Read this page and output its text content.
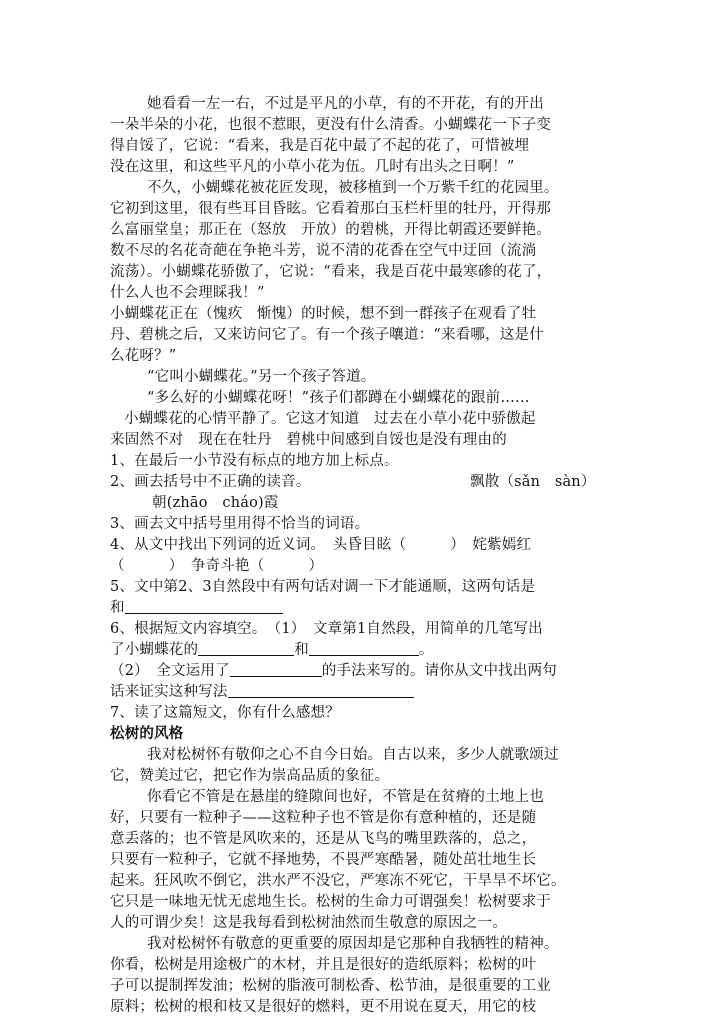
她看看一左一右，不过是平凡的小草，有的不开花，有的开出
一朵半朵的小花，也很不惹眼，更没有什么清香。小蝴蝶花一下子变
得自馁了，它说：“看来，我是百花中最了不起的花了，可惜被埋
没在这里，和这些平凡的小草小花为伍。几时有出头之日啊！”
不久，小蝴蝶花被花匠发现，被移植到一个万紫千红的花园里。
它初到这里，很有些耳目昏眩。它看着那白玉栏杆里的牡丹，开得那
么富丽堂皇；那正在（怒放　开放）的碧桃，开得比朝霞还要鲜艳。
数不尽的名花奇葩在争艳斗芳，说不清的花香在空气中迂回（流淌
流荡）。小蝴蝶花骄傲了，它说：“看来，我是百花中最寒碜的花了，
什么人也不会理睬我！”
小蝴蝶花正在（愧疚　惭愧）的时候，想不到一群孩子在观看了牡
丹、碧桃之后，又来访问它了。有一个孩子嚷道：“来看哪，这是什
么花呀？”
“它叫小蝴蝶花。”另一个孩子答道。
“多么好的小蝴蝶花呀！”孩子们都蹲在小蝴蝶花的跟前……
小蝴蝶花的心情平静了。它这才知道　过去在小草小花中骄傲起
来固然不对　现在在牡丹　碧桃中间感到自馁也是没有理由的
1、在最后一小节没有标点的地方加上标点。
2、画去括号中不正确的读音。	飘散（sǎn　sàn）
朝(zhāo　cháo)霞
3、画去文中括号里用得不恰当的词语。
4、从文中找出下列词的近义词。　头昏目眩（　　　）　姹紫嫣红
（　　　）　争奇斗艳（　　　）
5、文中第2、3自然段中有两句话对调一下才能通顺，这两句话是
和
6、根据短文内容填空。　（1）　文章第1自然段，用简单的几笔写出
了小蝴蝶花的	和	。
（2）　全文运用了	的手法来写的。请你从文中找出两句
话来证实这种写法
7、读了这篇短文，你有什么感想？
松树的风格
我对松树怀有敬仰之心不自今日始。自古以来，多少人就歌颂过
它，赞美过它，把它作为崇高品质的象征。
你看它不管是在悬崖的缝隙间也好，不管是在贫瘠的土地上也
好，只要有一粒种子——这粒种子也不管是你有意种植的，还是随
意丢落的；也不管是风吹来的，还是从飞鸟的嘴里跌落的，总之，
只要有一粒种子，它就不择地势，不畏严寒酷暑，随处茁壮地生长
起来。狂风吹不倒它，洪水严不没它，严寒冻不死它，干旱旱不坏它。
它只是一味地无忧无虑地生长。松树的生命力可谓强矣！松树要求于
人的可谓少矣！这是我每看到松树油然而生敬意的原因之一。
我对松树怀有敬意的更重要的原因却是它那种自我牺牲的精神。
你看，松树是用途极广的木材，并且是很好的造纸原料；松树的叶
子可以提制挥发油；松树的脂液可制松香、松节油，是很重要的工业
原料；松树的根和枝又是很好的燃料，更不用说在夏天，用它的枝
